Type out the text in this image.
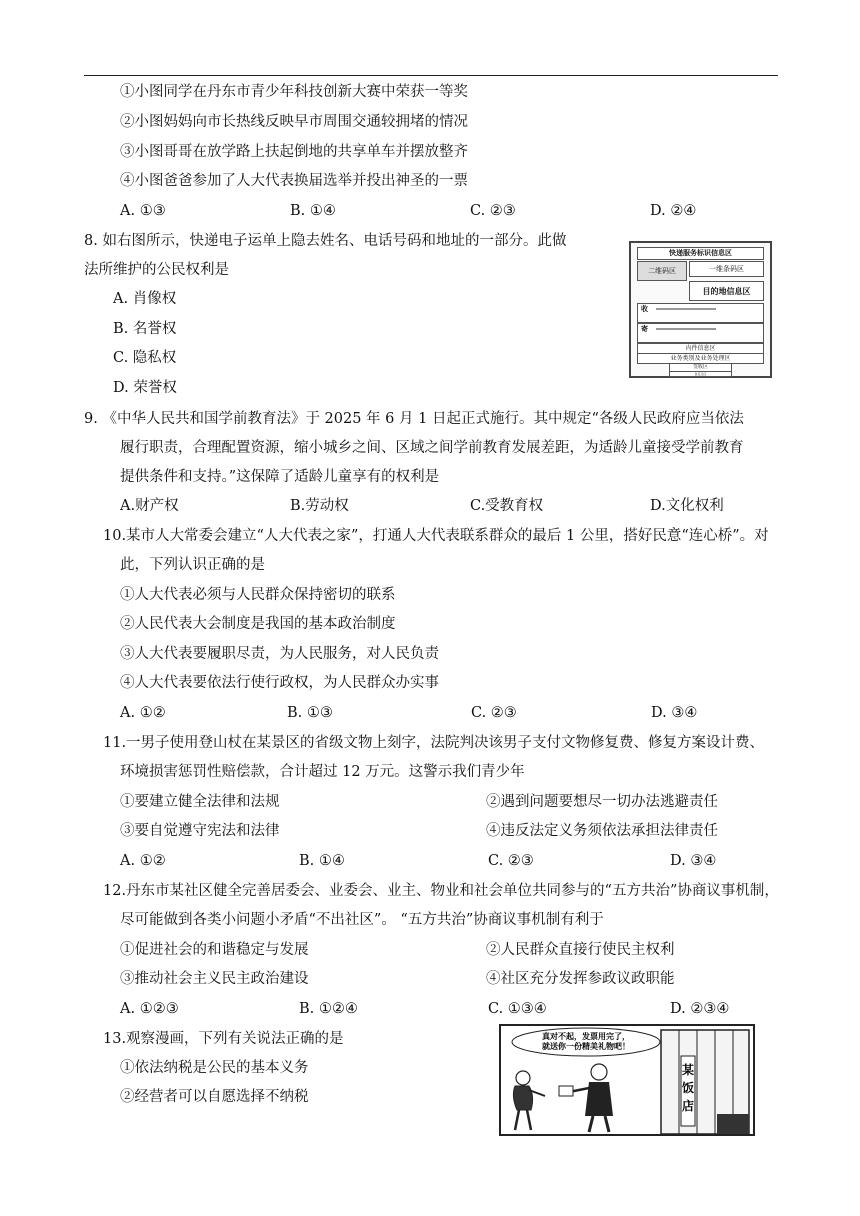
①小图同学在丹东市青少年科技创新大赛中荣获一等奖
②小图妈妈向市长热线反映早市周围交通较拥堵的情况
③小图哥哥在放学路上扶起倒地的共享单车并摆放整齐
④小图爸爸参加了人大代表换届选举并投出神圣的一票
A. ①③	B. ①④	C. ②③	D. ②④
8. 如右图所示，快递电子运单上隐去姓名、电话号码和地址的一部分。此做
法所维护的公民权利是
A. 肖像权
B. 名誉权
C. 隐私权
D. 荣誉权
快递服务标识信息区
二维码区	一维条码区
目的地信息区
收
寄
内件信息区
业务类别及业务处理区
签收区
自定义区
9. 《中华人民共和国学前教育法》于 2025 年 6 月 1 日起正式施行。其中规定“各级人民政府应当依法
履行职责，合理配置资源，缩小城乡之间、区域之间学前教育发展差距，为适龄儿童接受学前教育
提供条件和支持。”这保障了适龄儿童享有的权利是
A.财产权	B.劳动权	C.受教育权	D.文化权利
10.某市人大常委会建立“人大代表之家”，打通人大代表联系群众的最后 1 公里，搭好民意“连心桥”。对
此，下列认识正确的是
①人大代表必须与人民群众保持密切的联系
②人民代表大会制度是我国的基本政治制度
③人大代表要履职尽责，为人民服务，对人民负责
④人大代表要依法行使行政权，为人民群众办实事
A. ①②	B. ①③	C. ②③	D. ③④
11.一男子使用登山杖在某景区的省级文物上刻字，法院判决该男子支付文物修复费、修复方案设计费、
环境损害惩罚性赔偿款，合计超过 12 万元。这警示我们青少年
①要建立健全法律和法规	②遇到问题要想尽一切办法逃避责任
③要自觉遵守宪法和法律	④违反法定义务须依法承担法律责任
A. ①②	B. ①④	C. ②③	D. ③④
12.丹东市某社区健全完善居委会、业委会、业主、物业和社会单位共同参与的“五方共治”协商议事机制，
尽可能做到各类小问题小矛盾“不出社区”。 “五方共治”协商议事机制有利于
①促进社会的和谐稳定与发展	②人民群众直接行使民主权利
③推动社会主义民主政治建设	④社区充分发挥参政议政职能
A. ①②③	B. ①②④	C. ①③④	D. ②③④
13.观察漫画，下列有关说法正确的是
①依法纳税是公民的基本义务
②经营者可以自愿选择不纳税
真对不起，发票用完了，
就送你一份精美礼物吧！
某
饭
店
